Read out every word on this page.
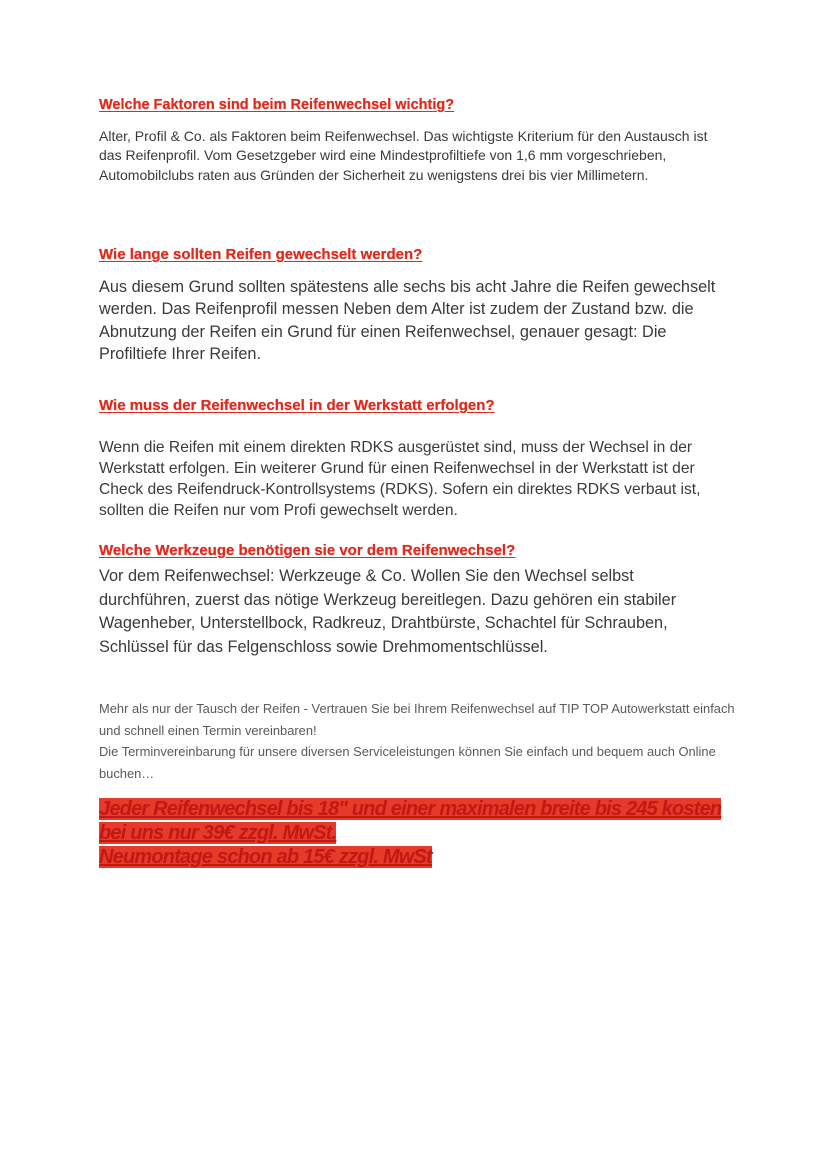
Welche Faktoren sind beim Reifenwechsel wichtig?

Alter, Profil & Co. als Faktoren beim Reifenwechsel. Das wichtigste Kriterium für den Austausch ist das Reifenprofil. Vom Gesetzgeber wird eine Mindestprofiltiefe von 1,6 mm vorgeschrieben, Automobilclubs raten aus Gründen der Sicherheit zu wenigstens drei bis vier Millimetern.

Wie lange sollten Reifen gewechselt werden?

Aus diesem Grund sollten spätestens alle sechs bis acht Jahre die Reifen gewechselt werden. Das Reifenprofil messen Neben dem Alter ist zudem der Zustand bzw. die Abnutzung der Reifen ein Grund für einen Reifenwechsel, genauer gesagt: Die Profiltiefe Ihrer Reifen.

Wie muss der Reifenwechsel in der Werkstatt erfolgen?

Wenn die Reifen mit einem direkten RDKS ausgerüstet sind, muss der Wechsel in der Werkstatt erfolgen. Ein weiterer Grund für einen Reifenwechsel in der Werkstatt ist der Check des Reifendruck-Kontrollsystems (RDKS). Sofern ein direktes RDKS verbaut ist, sollten die Reifen nur vom Profi gewechselt werden.

Welche Werkzeuge benötigen sie vor dem Reifenwechsel?

Vor dem Reifenwechsel: Werkzeuge & Co. Wollen Sie den Wechsel selbst durchführen, zuerst das nötige Werkzeug bereitlegen. Dazu gehören ein stabiler Wagenheber, Unterstellbock, Radkreuz, Drahtbürste, Schachtel für Schrauben, Schlüssel für das Felgenschloss sowie Drehmomentschlüssel.

Mehr als nur der Tausch der Reifen - Vertrauen Sie bei Ihrem Reifenwechsel auf TIP TOP Autowerkstatt einfach und schnell einen Termin vereinbaren!
Die Terminvereinbarung für unsere diversen Serviceleistungen können Sie einfach und bequem auch Online buchen…
Jeder Reifenwechsel bis 18" und einer maximalen breite bis 245 kosten bei uns nur 39€ zzgl. MwSt.
Neumontage schon ab 15€ zzgl. MwSt
